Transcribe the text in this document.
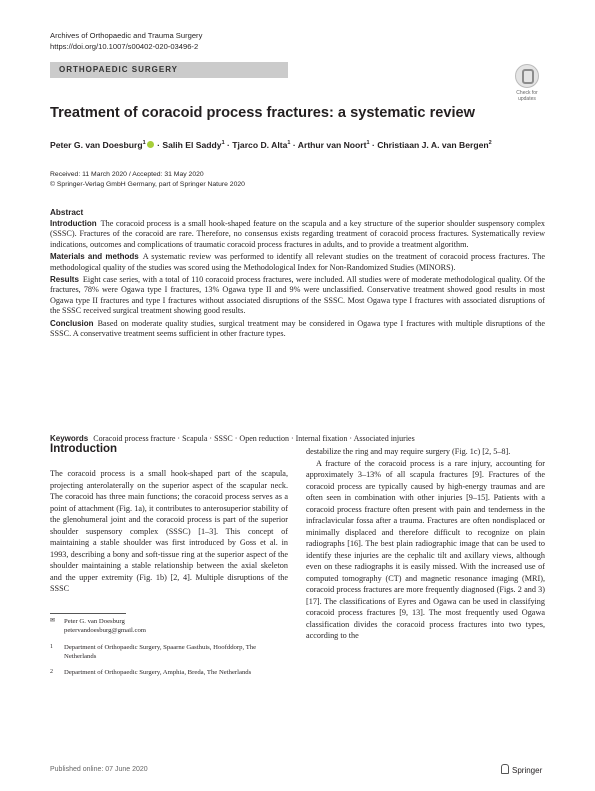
Archives of Orthopaedic and Trauma Surgery
https://doi.org/10.1007/s00402-020-03496-2
ORTHOPAEDIC SURGERY
Check for updates
Treatment of coracoid process fractures: a systematic review
Peter G. van Doesburg$^1$ · Salih El Saddy$^1$ · Tjarco D. Alta$^1$ · Arthur van Noort$^1$ · Christiaan J. A. van Bergen$^2$
Received: 11 March 2020 / Accepted: 31 May 2020
© Springer-Verlag GmbH Germany, part of Springer Nature 2020
Abstract

Introduction The coracoid process is a small hook-shaped feature on the scapula and a key structure of the superior shoulder suspensory complex (SSSC). Fractures of the coracoid are rare. Therefore, no consensus exists regarding treatment of coracoid process fractures. Systematically review indications, outcomes and complications of traumatic coracoid process fractures in adults, and to provide a treatment algorithm.

Materials and methods A systematic review was performed to identify all relevant studies on the treatment of coracoid process fractures. The methodological quality of the studies was scored using the Methodological Index for Non-Randomized Studies (MINORS).

Results Eight case series, with a total of 110 coracoid process fractures, were included. All studies were of moderate methodological quality. Of the fractures, 78% were Ogawa type I fractures, 13% Ogawa type II and 9% were unclassified. Conservative treatment showed good results in most Ogawa type II fractures and type I fractures without associated disruptions of the SSSC. Most Ogawa type I fractures with associated disruptions of the SSSC received surgical treatment showing good results.

Conclusion Based on moderate quality studies, surgical treatment may be considered in Ogawa type I fractures with multiple disruptions of the SSSC. A conservative treatment seems sufficient in other fracture types.

Keywords Coracoid process fracture · Scapula · SSSC · Open reduction · Internal fixation · Associated injuries
Introduction

The coracoid process is a small hook-shaped part of the scapula, projecting anterolaterally on the superior aspect of the scapular neck. The coracoid has three main functions; the coracoid process serves as a point of attachment (Fig. 1a), it contributes to anterosuperior stability of the glenohumeral joint and the coracoid process is part of the superior shoulder suspensory complex (SSSC) [1–3]. This concept of maintaining a stable shoulder was first introduced by Goss et al. in 1993, describing a bony and soft-tissue ring at the superior aspect of the shoulder maintaining a stable relationship between the axial skeleton and the upper extremity (Fig. 1b) [2, 4]. Multiple disruptions of the SSSC

destabilize the ring and may require surgery (Fig. 1c) [2, 5–8].

A fracture of the coracoid process is a rare injury, accounting for approximately 3–13% of all scapula fractures [9]. Fractures of the coracoid process are typically caused by high-energy traumas and are often seen in combination with other injuries [9–15]. Patients with a coracoid process fracture often present with pain and tenderness in the infraclavicular fossa after a trauma. Fractures are often nondisplaced or minimally displaced and therefore difficult to recognize on plain radiographs [16]. The best plain radiographic image that can be used to identify these injuries are the cephalic tilt and axillary views, although even on these radiographs it is easily missed. With the increased use of computed tomography (CT) and magnetic resonance imaging (MRI), coracoid process fractures are more frequently diagnosed (Figs. 2 and 3) [17]. The classifications of Eyres and Ogawa can be used in classifying coracoid process fractures [9, 13]. The most frequently used Ogawa classification divides the coracoid process fractures into two types, according to the

✉ Peter G. van Doesburg
petervandoesburg@gmail.com
1 Department of Orthopaedic Surgery, Spaarne Gasthuis, Hoofddorp, The Netherlands
2 Department of Orthopaedic Surgery, Amphia, Breda, The Netherlands
Published online: 07 June 2020	Springer
